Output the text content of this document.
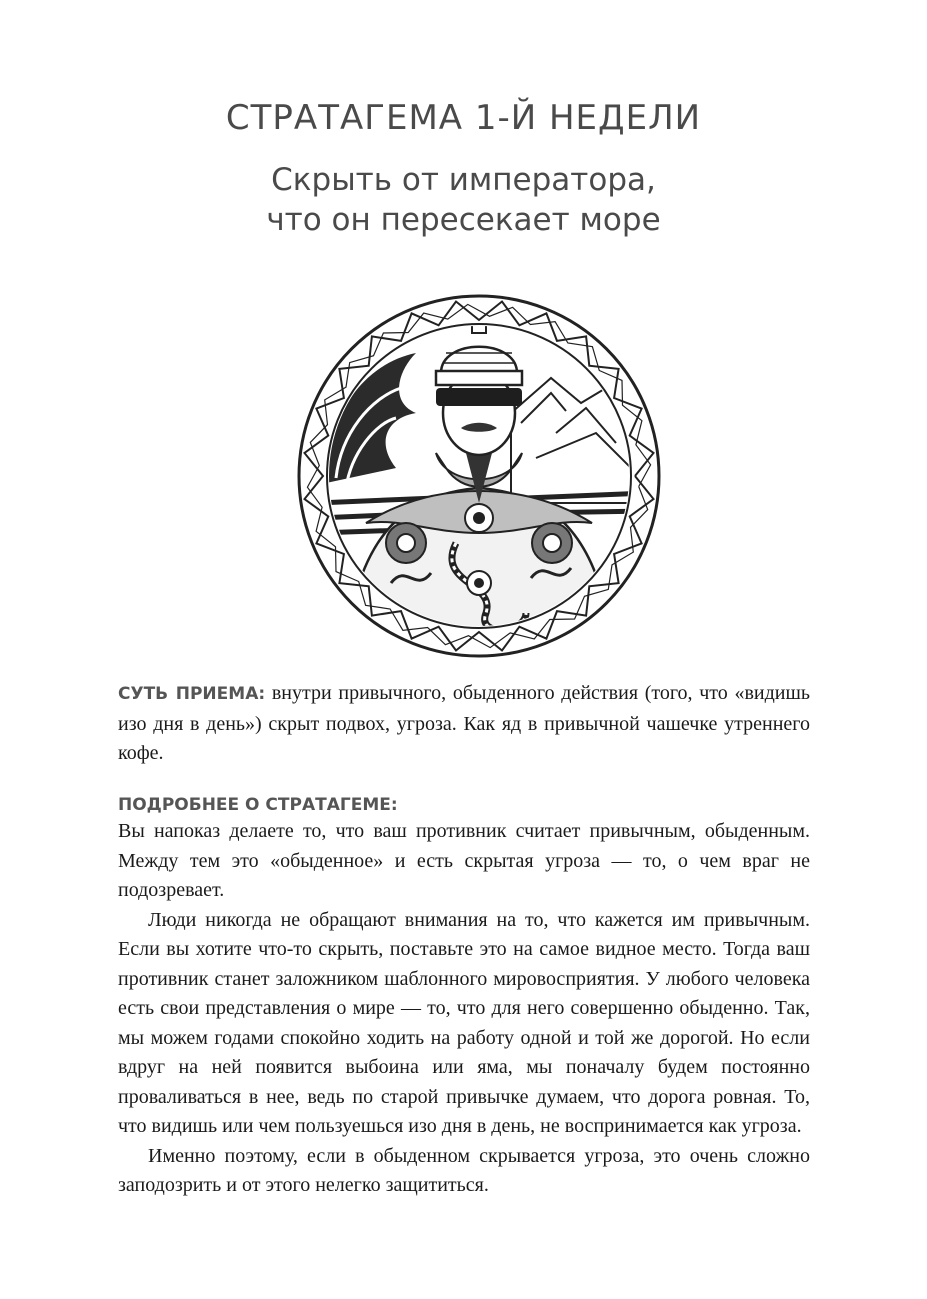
СТРАТАГЕМА 1-Й НЕДЕЛИ
Скрыть от императора,
что он пересекает море
СУТЬ ПРИЕМА: внутри привычного, обыденного действия (того, что «видишь изо дня в день») скрыт подвох, угроза. Как яд в привычной чашечке утреннего кофе.
ПОДРОБНЕЕ О СТРАТАГЕМЕ:

Вы напоказ делаете то, что ваш противник считает привычным, обыденным. Между тем это «обыденное» и есть скрытая угроза — то, о чем враг не подозревает.

Люди никогда не обращают внимания на то, что кажется им привычным. Если вы хотите что-то скрыть, поставьте это на самое видное место. Тогда ваш противник станет заложником шаблонного мировосприятия. У любого человека есть свои представления о мире — то, что для него совершенно обыденно. Так, мы можем годами спокойно ходить на работу одной и той же дорогой. Но если вдруг на ней появится выбоина или яма, мы поначалу будем постоянно проваливаться в нее, ведь по старой привычке думаем, что дорога ровная. То, что видишь или чем пользуешься изо дня в день, не воспринимается как угроза.

Именно поэтому, если в обыденном скрывается угроза, это очень сложно заподозрить и от этого нелегко защититься.
